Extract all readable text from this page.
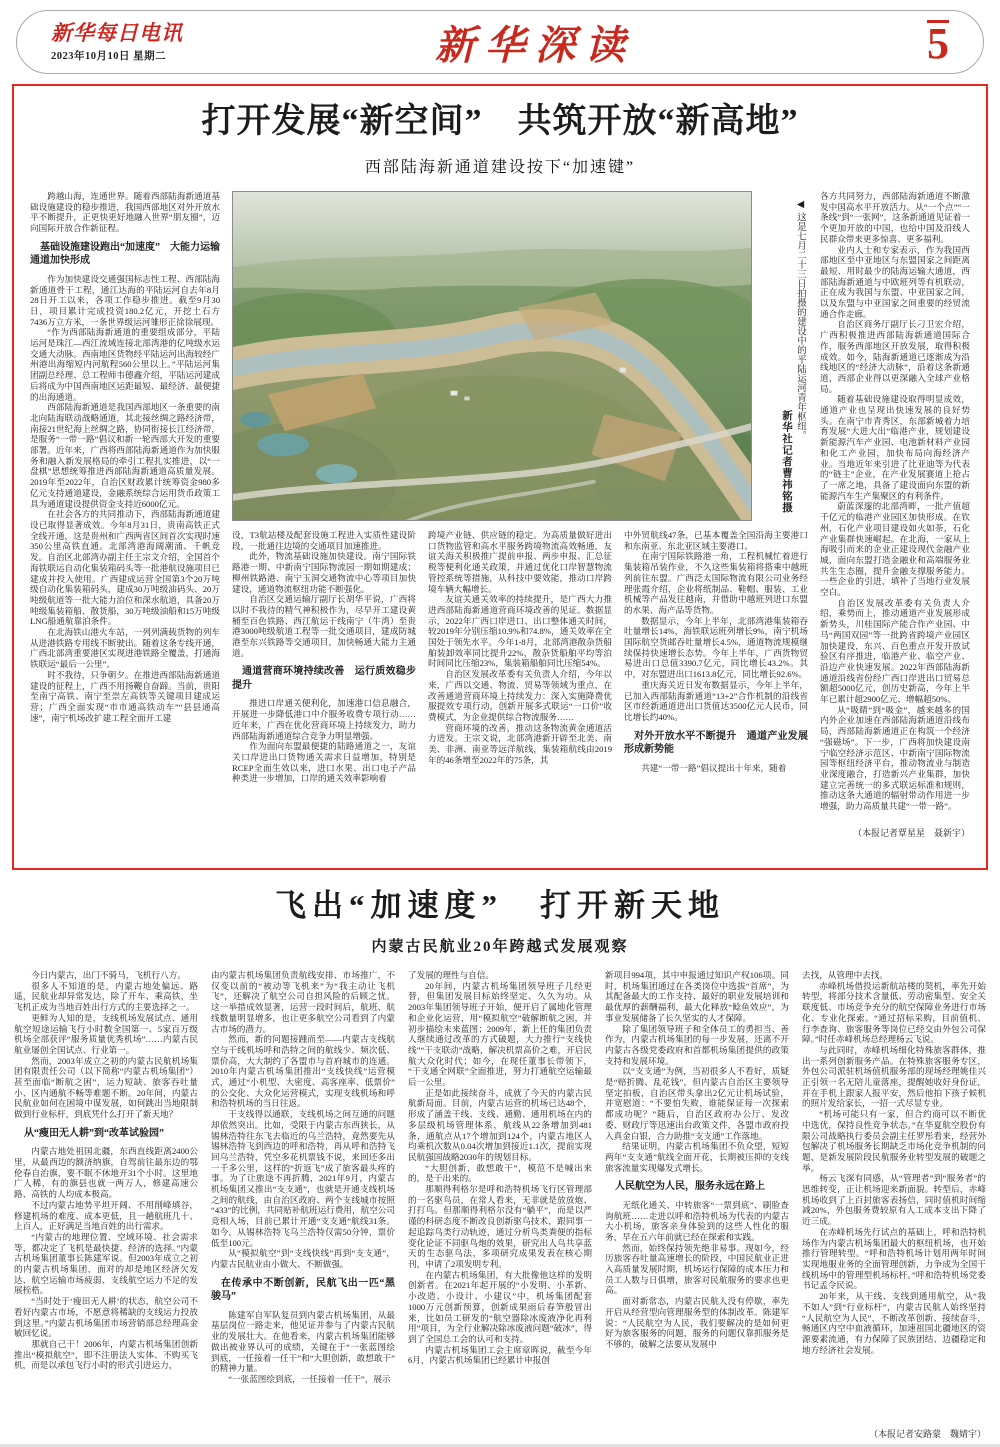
新华每日电讯
2023年10月10日 星期二	新华深读	5
打开发展“新空间”　共筑开放“新高地”
西部陆海新通道建设按下“加速键”

跨越山海，连通世界。随着西部陆海新通道基础设施建设的稳步推进，我国西部地区对外开放水平不断提升，正更快更好地融入世界“朋友圈”，迈向国际开放合作新征程。

基础设施建设跑出“加速度”　大能力运输通道加快形成

作为加快建设交通强国标志性工程、西部陆海新通道骨干工程，通江达海的平陆运河自去年8月28日开工以来，各项工作稳步推进。截至9月30日，项目累计完成投资180.2亿元，开挖土石方7436万立方米，一条世界级运河雏形正徐徐展现。

“作为西部陆海新通道的重要组成部分，平陆运河是珠江—西江流域连接北部湾港的亿吨级水运交通大动脉。西南地区货物经平陆运河出海较经广州港出海缩短内河航程560公里以上。”平陆运河集团副总经理、总工程师韦德鑫介绍，平陆运河建成后将成为中国西南地区运距最短、最经济、最便捷的出海通道。

西部陆海新通道是我国西部地区一条重要的南北向陆海联动战略通道，其北接丝绸之路经济带，南接21世纪海上丝绸之路，协同衔接长江经济带，是服务“一带一路”倡议和新一轮西部大开发的重要部署。近年来，广西将西部陆海新通道作为加快服务和融入新发展格局的牵引工程扎实推进，以“一盘棋”思想统筹推进西部陆海新通道高质量发展。2019年至2022年，自治区财政累计统筹资金980多亿元支持通道建设，金融系统综合运用货币政策工具为通道建设提供资金支持近6000亿元。

在社会各方的共同推动下，西部陆海新通道建设已取得显著成效。今年8月31日，贵南高铁正式全线开通，这是贵州和广西两省区间首次实现时速350公里高铁直通。北部湾港海阔潮涌、千帆竞发。自治区北部湾办副主任王宗文介绍，全国首个海铁联运自动化集装箱码头等一批港航设施项目已建成并投入使用。广西建成运营全国第3个20万吨级自动化集装箱码头，建成30万吨级油码头、20万吨级航道等一批大能力泊位和深水航道，具备20万吨级集装箱船、散货船，30万吨级油船和15万吨级LNG船通航靠泊条件。

在北海铁山港火车站，一列列满载货物的列车从进港铁路专用线不断驶出。随着这条专线开通，广西北部湾重要港区实现进港铁路全覆盖，打通海铁联运“最后一公里”。

时不我待，只争朝夕。在推进西部陆海新通道建设的征程上，广西不用扬鞭自奋蹄。当前，贵阳至南宁高铁、南宁至崇左高铁等关键项目建成运营；广西全面实现“市市通高铁动车”“县县通高速”，南宁机场改扩建工程全面开工建

◀ 这是七月二十三日拍摄的建设中的平陆运河青年枢纽。

新华社记者曹祎铭摄

设，T3航站楼及配套设施工程进入实质性建设阶段，一批通往边境的交通项目加速推进。

此外，物流基础设施加快建设。南宁国际铁路港一期、中新南宁国际物流园一期如期建成；柳州铁路港、南宁玉洞交通物流中心等项目加快建设，通道物流枢纽功能不断强化。

自治区交通运输厅副厅长胡华平说，广西将以时不我待的精气神积极作为，尽早开工建设黄桶至百色铁路、西江航运干线南宁（牛湾）至贵港3000吨级航道工程等一批交通项目，建成防城港至东兴铁路等交通项目，加快畅通大能力主通道。

通道营商环境持续改善　运行质效稳步提升

推进口岸通关便利化，加速港口信息融合，开展进一步降低港口中介服务收费专项行动……近年来，广西在优化营商环境上持续发力，助力西部陆海新通道综合竞争力明显增强。

作为面向东盟最便捷的陆路通道之一，友谊关口岸进出口货物通关需求日益增加，特别是RCEP全面生效以来，进口水果、出口电子产品种类进一步增加，口岸的通关效率影响着

跨境产业链、供应链的稳定。为高质量做好进出口货物监管和高水平服务跨境物流高效畅通，友谊关海关积极推广提前申报、两步申报、汇总征税等便利化通关政策，并通过优化口岸智慧物流管控系统等措施，从科技中要效能，推动口岸跨境车辆大幅增长。

友谊关通关效率的持续提升，是广西大力推进西部陆海新通道营商环境改善的见证。数据显示，2022年广西口岸进口、出口整体通关时间，较2019年分别压缩10.9%和74.8%，通关效率在全国处于领先水平。今年1-8月，北部湾港散杂货船舶装卸效率同比提升22%，散杂货船舶平均等泊时间同比压缩23%，集装箱船舶同比压缩54%。

自治区发展改革委有关负责人介绍，今年以来，广西以交通、物流、贸易等领域为重点，在改善通道营商环境上持续发力：深入实施降费优服提效专项行动，创新开展多式联运“一口价”收费模式，为企业提供综合物流服务……

营商环境的改善，推动这条物流黄金通道活力迸发。王宗文说，北部湾港新开辟至北美、南美、非洲、南亚等远洋航线，集装箱航线由2019年的46条增至2022年的75条，其

中外贸航线47条，已基本覆盖全国沿海主要港口和东南亚、东北亚区域主要港口。

在南宁国际铁路港一角，工程机械忙着进行集装箱吊装作业，不久这些集装箱将搭乘中越班列前往东盟。广西泛太国际物流有限公司业务经理张霞介绍，企业将纸制品、鞋帽、服装、工业机械等产品发往越南，并借助中越班列进口东盟的水果、海产品等货物。

数据显示，今年上半年，北部湾港集装箱吞吐量增长14%，海铁联运班列增长9%，南宁机场国际航空货邮吞吐量增长4.5%，通道物流规模继续保持快速增长态势。今年上半年，广西货物贸易进出口总值3390.7亿元，同比增长43.2%。其中，对东盟进出口1613.8亿元，同比增长92.6%。

重庆海关近日发布数据显示，今年上半年，已加入西部陆海新通道“13+2”合作机制的沿线省区市经新通道进出口货值达3500亿元人民币，同比增长约40%。

对外开放水平不断提升　通道产业发展形成新势能

共建“一带一路”倡议提出十年来，随着

各方共同努力，西部陆海新通道不断激发中国高水平开放活力。从“一个点”“一条线”到“一张网”，这条新通道见证着一个更加开放的中国，也给中国及沿线人民群众带来更多惊喜、更多福利。

业内人士和专家表示，作为我国西部地区至中亚地区与东盟国家之间距离最短、用时最少的陆海运输大通道，西部陆海新通道与中欧班列等有机联动，正在成为我国与东盟、中亚国家之间，以及东盟与中亚国家之间重要的经贸流通合作走廊。

自治区商务厅副厅长刁卫宏介绍，广西积极推进西部陆海新通道国际合作，服务西部地区开放发展，取得积极成效。如今，陆海新通道已逐渐成为沿线地区的“经济大动脉”，沿着这条新通道，西部企业得以更深融入全球产业格局。

随着基础设施建设取得明显成效，通道产业也呈现出快速发展的良好势头。在南宁市青秀区，东部新城着力培育发展“大进大出”临港产业，规划建设新能源汽车产业园、电池新材料产业园和化工产业园，加快布局向海经济产业。当地近年来引进了比亚迪等为代表的“链主”企业，在产业发展赛道上抢占了一席之地，具备了建设面向东盟的新能源汽车生产集聚区的有利条件。

蔚蓝深邃的北部湾畔，一批产值超千亿元的临港产业园区加快形成。在钦州，石化产业项目建设如火如荼，石化产业集群快速崛起。在北海，一家从上海吸引而来的企业正建设现代金融产业城，面向东盟打造金融业和高端服务业共生生态圈，提升金融支撑服务能力。一些企业的引进，填补了当地行业发展空白。

自治区发展改革委有关负责人介绍，乘势而上，推动通道产业发展形成新势头，川桂国际产能合作产业园、中马“两国双园”等一批跨省跨境产业园区加快建设，东兴、百色重点开发开放试验区有序推进，临港产业、临空产业、沿边产业快速发展。2022年西部陆海新通道沿线省份经广西口岸进出口贸易总额超5000亿元，创历史新高，今年上半年已累计超2900亿元、增幅超50%。

从“吸睛”到“吸金”，越来越多的国内外企业加速在西部陆海新通道沿线布局，西部陆海新通道正在构筑一个经济“强磁场”。下一步，广西将加快建设南宁临空经济示范区、中新南宁国际物流园等枢纽经济平台，推动物流业与制造业深度融合，打造新兴产业集群，加快建立完善统一的多式联运标准和规则，推动这条大通道的辐射带动作用进一步增强，助力高质量共建“一带一路”。

（本报记者覃星星　聂新宇）
飞出“加速度”　打开新天地
内蒙古民航业20年跨越式发展观察

今日内蒙古，出门不骑马，飞机行八方。

很多人不知道的是，内蒙古地处偏远、路遥，民航业却异常发达，除了开车、乘高铁，坐飞机正成为当地百姓出行方式的主要选择之一。

更鲜为人知的是，支线机场发展试点、通用航空短途运输飞行小时数全国第一、5家百万级机场全部获评“服务质量优秀机场”……内蒙古民航业屡创全国试点、行业第一。

然而，2003年成立之初的内蒙古民航机场集团有限责任公司（以下简称“内蒙古机场集团”）甚至面临“断航之困”，运力短缺、旅客吞吐量小、区内通航不畅等难题不断。20年间，内蒙古民航业如何在困境中谋发展，如何跳出当地限制做到行业标杆，到底凭什么打开了新天地？

从“瘦田无人耕”到“改革试验园”

内蒙古地处祖国北疆，东西直线距离2400公里，从最西边的额济纳旗，自驾前往最东边的鄂伦春自治旗，要不眠不休地开31个小时。这里地广人稀，有的旗县也就一两万人，修建高速公路、高铁的人均成本极高。

不过内蒙古地势平坦开阔、不用削峰填谷，修建机场的难度、成本更低，且一趟航班几十、上百人，正好满足当地百姓的出行需求。

“内蒙古的地理位置、空域环境、社会需求等，都决定了飞机是最快捷、经济的选择。”内蒙古机场集团董事长陈建军说。但2003年成立之初的内蒙古机场集团，面对的却是地区经济欠发达、航空运输市场疲弱、支线航空运力不足的发展桎梏。

“当时处于‘瘦田无人耕’的状态，航空公司不看好内蒙古市场，不愿意将稀缺的支线运力投放到这里。”内蒙古机场集团市场营销部总经理高金敏回忆说。

那就自己干！2006年，内蒙古机场集团创新推出“模拟航空”，即不注册法人实体、不购买飞机，而是以承包飞行小时的形式引进运力，

由内蒙古机场集团负责航线安排、市场推广，不仅变以前的“被动等飞机来”为“我主动让飞机飞”，还解决了航空公司自担风险的后顾之忧。这一举措成效显著，运营一段时间后，航班、航线数量明显增多，也让更多航空公司看到了内蒙古市场的潜力。

然而，新的问题接踵而至——内蒙古支线航空与干线机场呼和浩特之间的航线少、频次低、票价高，大大制约了各盟市与首府城市的连通。2010年内蒙古机场集团推出“支线快线”运营模式，通过“小机型、大密度、高客座率、低票价”的公交化、大众化运营模式，实现支线机场和呼和浩特机场的当日往返。

干支线得以通联，支线机场之间互通的问题却依然突出。比如，受限于内蒙古东西狭长，从锡林浩特往东飞去临近的乌兰浩特，竟然要先从锡林浩特飞到西边的呼和浩特，再从呼和浩特飞回乌兰浩特，凭空多花机票钱不说，来回还多出一千多公里，这样的“折返飞”成了旅客最头疼的事。为了让旅途不再折腾，2021年9月，内蒙古机场集团又推出“支支通”，也就是开通支线机场之间的航线，由自治区政府、两个支线城市按照“433”的比例，共同贴补航班运行费用，航空公司竞相入场，目前已累计开通“支支通”航线31条。如今，从锡林浩特飞乌兰浩特仅需50分钟，票价低至100元。

从“模拟航空”到“支线快线”再到“支支通”，内蒙古民航业由小做大、不断做强。

在传承中不断创新，民航飞出一匹“黑骏马”

陈建军自军队复员到内蒙古机场集团，从最基层岗位一路走来，他见证并参与了内蒙古民航业的发展壮大。在他看来，内蒙古机场集团能够做出被业界认可的成绩，关键在于“一张蓝图绘到底，一任接着一任干”和“大胆创新，敢想敢干”的精神力量。

“一张蓝图绘到底，一任接着一任干”，展示

了发展的理性与自信。

20年间，内蒙古机场集团领导班子几经更替，但集团发展目标始终坚定、久久为功。从2003年集团领导班子开始，便开启了属地化管理和企业化运营，用“模拟航空”破解断航之困，并初步描绘未来蓝图；2009年，新上任的集团负责人继续通过改革的方式破题，大力推行“支线快线”“干支联动”战略，解决机票高价之难，开启民航大众化时代；如今，在现任董事长带领下，“干支通全网联”全面推进，努力打通航空运输最后一公里。

正是如此接续奋斗，成就了今天的内蒙古民航新局面。目前，内蒙古运营的机场已达48个，形成了涵盖干线、支线、通勤、通用机场在内的多层级机场管理体系，航线从22条增加到481条，通航点从17个增加到124个，内蒙古地区人均乘机次数从0.04次增加到接近1.1次，提前实现民航强国战略2030年的规划目标。

“大胆创新，敢想敢干”，模范不是喊出来的，是干出来的。

那顺得利格尔是呼和浩特机场飞行区管理部的一名驱鸟员，在常人看来，无非就是放放炮、打打鸟。但那顺得利格尔没有“躺平”，而是以严谨的科研态度不断改良创新驱鸟技术，跟同事一起追踪鸟类行动轨迹，通过分析鸟类粪便的指标变化论证不同驱鸟炮的效果，研究出人鸟共享蓝天的生态驱鸟法，多项研究成果发表在核心期刊，申请了2项发明专利。

在内蒙古机场集团，有大批像他这样的发明创新者。在2021年起开展的“小发明、小革新、小改造、小设计、小建议”中，机场集团配套1000万元创新预算，创新成果雨后春笋般冒出来，比如员工研发的“航空器除冰废液净化再利用”项目，为全行业解决除冰废液问题“破冰”，得到了全国总工会的认可和支持。

内蒙古机场集团工会主席章晖说，截至今年6月，内蒙古机场集团已经累计申报创

新项目994项，其中申报通过知识产权106项。同时，机场集团通过在各类岗位中选拔“首席”，为其配备最大的工作支持、最好的职业发展培训和最优厚的薪酬福利，最大化释放“鲶鱼效应”，为事业发展储备了长久坚实的人才保障。

除了集团领导班子和全体员工的勇担当、善作为，内蒙古机场集团的每一步发展，还离不开内蒙古各级党委政府和首都机场集团提供的政策支持和发展环境。

以“支支通”为例，当初很多人不看好，质疑是“赔折腾、乱花钱”，但内蒙古自治区主要领导坚定拍板，自治区带头拿出2亿元让机场试验，并宽慰道：“不要怕失败，谁能保证每一次探索都成功呢？”随后，自治区政府办公厅、发改委、财政厅等迅速出台政策文件，各盟市政府投入真金白银，合力助推“支支通”工作落地。

结果证明，内蒙古机场集团不负众望，短短两年“支支通”航线全面开花，长期被压抑的支线旅客流量实现爆发式增长。

人民航空为人民，服务永远在路上

无纸化通关、中转旅客“一票到底”、刷脸查询航班……走进以呼和浩特机场为代表的内蒙古大小机场，旅客亲身体验到的这些人性化的服务，早在五六年前就已经在探索和实践。

然而，始终保持领先绝非易事。现如今，经历旅客吞吐量高速增长的阶段，中国民航业正进入高质量发展时期，机场运行保障的成本压力和员工人数与日俱增，旅客对民航服务的要求也更高。

面对新常态，内蒙古民航人没有停歇，率先开启从经营型向管理服务型的体制改革。陈建军说：“人民航空为人民，我们要解决的是如何更好为旅客服务的问题，服务的问题仅靠抓服务是不够的，破解之法要从发展中

去找，从管理中去找。

赤峰机场借投运新航站楼的契机，率先开始转型，将部分技术含量低、劳动密集型、安全关联度低、市场竞争充分的航空保障业务进行市场化、专业化探索。“通过招标采购，目前值机、行李查询、旅客服务等岗位已经交由外包公司保障。”时任赤峰机场总经理杨云飞说。

与此同时，赤峰机场细化特殊旅客群体，推出一系列创新服务产品。在特殊旅客服务专区，外包公司派驻机场值机服务部的现场经理姚佳兴正引领一名无陪儿童落座，提醒她收好身份证，并在手机上跟家人报平安，然后他拍下孩子候机的照片发给家长，一招一式尽显专业。

“机场可能只有一家，但合约商可以不断优中选优，保持良性竞争状态。”在华夏航空股份有限公司战略执行委员会副主任罗彤看来，经营外包解决了机场服务长期缺乏市场化竞争机制的问题，是新发展阶段民航服务业转型发展的破题之举。

杨云飞深有同感，从“管理者”到“服务者”的思维转变，正让机场迎来新面貌。转型后，赤峰机场收到了上百封旅客表扬信，同时值机时间缩减20%，外包服务费较原有人工成本支出下降了近三成。

在赤峰机场先行试点的基础上，呼和浩特机场作为内蒙古机场集团最大的枢纽机场，也开始推行管理转型。“呼和浩特机场计划用两年时间实现地服业务的全面管理创新，力争成为全国干线机场中的管理型机场标杆。”呼和浩特机场党委书记孟令民说。

20年来，从干线、支线到通用航空，从“我不如人”到“行业标杆”，内蒙古民航人始终坚持“人民航空为人民”，不断改革创新、接续奋斗，畅通区内空中血液循环，加速祖国北疆地区的资源要素流通，有力保障了民族团结、边疆稳定和地方经济社会发展。

（本报记者安路蒙　魏婧宇）
